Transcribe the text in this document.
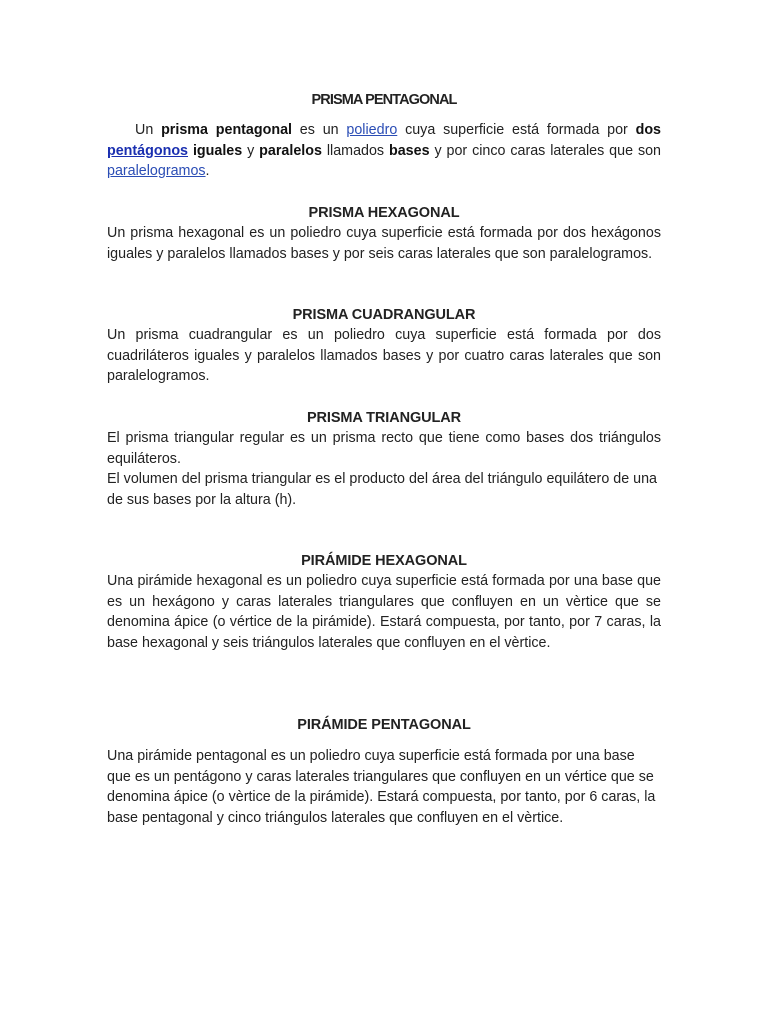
PRISMA PENTAGONAL

Un prisma pentagonal es un poliedro cuya superficie está formada por dos pentágonos iguales y paralelos llamados bases y por cinco caras laterales que son paralelogramos.

PRISMA HEXAGONAL

Un prisma hexagonal es un poliedro cuya superficie está formada por dos hexágonos iguales y paralelos llamados bases y por seis caras laterales que son paralelogramos.

PRISMA CUADRANGULAR

Un prisma cuadrangular es un poliedro cuya superficie está formada por dos cuadriláteros iguales y paralelos llamados bases y por cuatro caras laterales que son paralelogramos.

PRISMA TRIANGULAR

El prisma triangular regular es un prisma recto que tiene como bases dos triángulos equiláteros.

El volumen del prisma triangular es el producto del área del triángulo equilátero de una de sus bases por la altura (h).

PIRÁMIDE HEXAGONAL

Una pirámide hexagonal es un poliedro cuya superficie está formada por una base que es un hexágono y caras laterales triangulares que confluyen en un vèrtice que se denomina ápice (o vértice de la pirámide). Estará compuesta, por tanto, por 7 caras, la base hexagonal y seis triángulos laterales que confluyen en el vèrtice.

PIRÁMIDE PENTAGONAL

Una pirámide pentagonal es un poliedro cuya superficie está formada por una base que es un pentágono y caras laterales triangulares que confluyen en un vértice que se denomina ápice (o vèrtice de la pirámide). Estará compuesta, por tanto, por 6 caras, la base pentagonal y cinco triángulos laterales que confluyen en el vèrtice.
